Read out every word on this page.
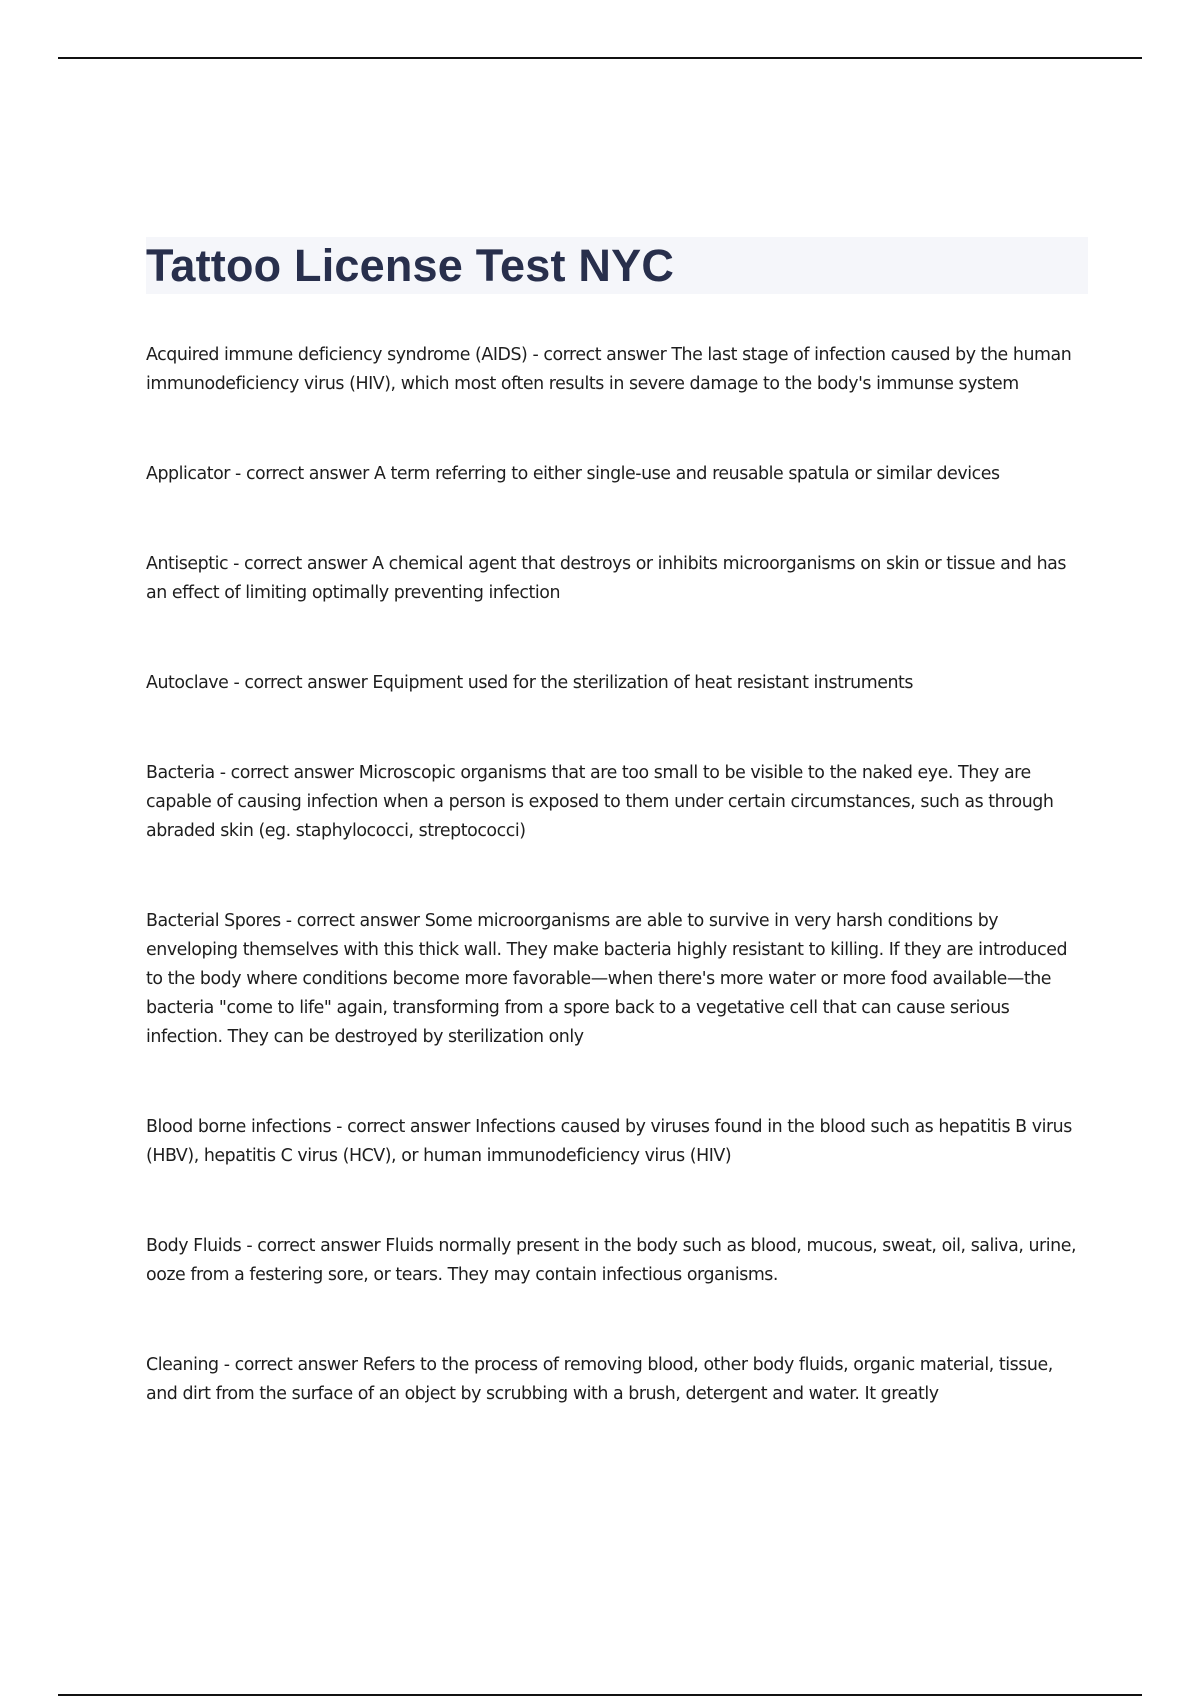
Tattoo License Test NYC

Acquired immune deficiency syndrome (AIDS) - correct answer The last stage of infection caused by the human immunodeficiency virus (HIV), which most often results in severe damage to the body's immunse system

Applicator - correct answer A term referring to either single-use and reusable spatula or similar devices

Antiseptic - correct answer A chemical agent that destroys or inhibits microorganisms on skin or tissue and has an effect of limiting optimally preventing infection

Autoclave - correct answer Equipment used for the sterilization of heat resistant instruments

Bacteria - correct answer Microscopic organisms that are too small to be visible to the naked eye. They are capable of causing infection when a person is exposed to them under certain circumstances, such as through abraded skin (eg. staphylococci, streptococci)

Bacterial Spores - correct answer Some microorganisms are able to survive in very harsh conditions by enveloping themselves with this thick wall. They make bacteria highly resistant to killing. If they are introduced to the body where conditions become more favorable—when there's more water or more food available—the bacteria "come to life" again, transforming from a spore back to a vegetative cell that can cause serious infection. They can be destroyed by sterilization only

Blood borne infections - correct answer Infections caused by viruses found in the blood such as hepatitis B virus (HBV), hepatitis C virus (HCV), or human immunodeficiency virus (HIV)

Body Fluids - correct answer Fluids normally present in the body such as blood, mucous, sweat, oil, saliva, urine, ooze from a festering sore, or tears. They may contain infectious organisms.

Cleaning - correct answer Refers to the process of removing blood, other body fluids, organic material, tissue, and dirt from the surface of an object by scrubbing with a brush, detergent and water. It greatly
